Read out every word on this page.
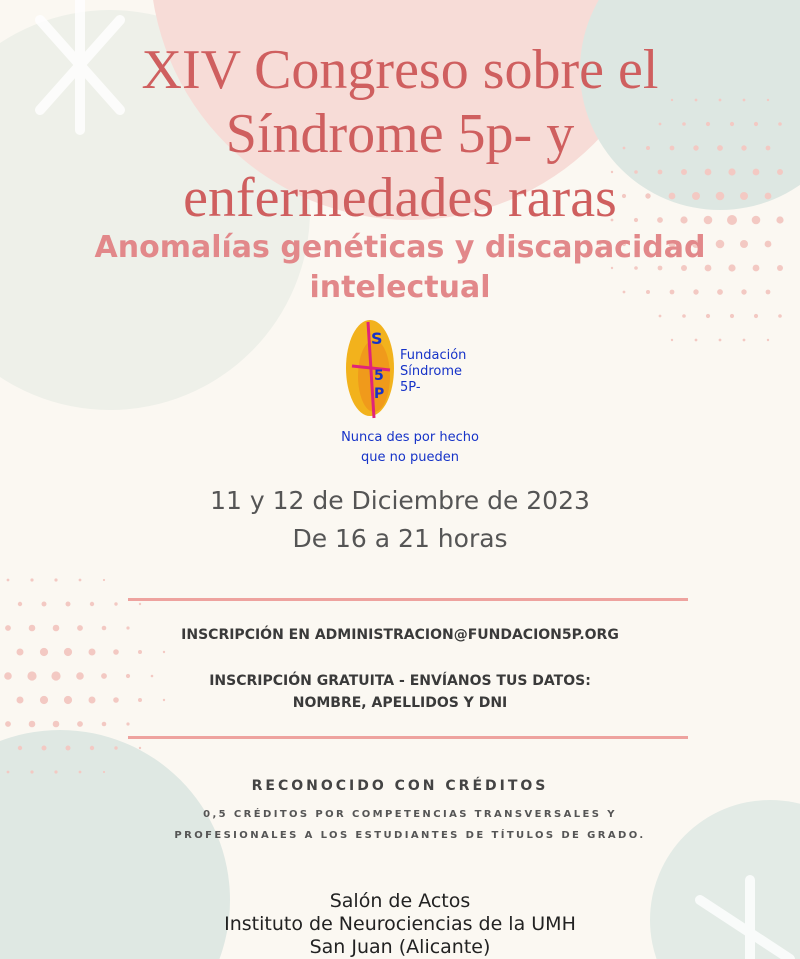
XIV Congreso sobre el
Síndrome 5p- y
enfermedades raras
Anomalías genéticas y discapacidad
intelectual
S
5
P
Fundación
Síndrome
5P-
Nunca des por hecho
que no pueden
11 y 12 de Diciembre de 2023
De 16 a 21 horas
INSCRIPCIÓN EN ADMINISTRACION@FUNDACION5P.ORG
INSCRIPCIÓN GRATUITA - ENVÍANOS TUS DATOS:
NOMBRE, APELLIDOS Y DNI
RECONOCIDO CON CRÉDITOS
0,5 CRÉDITOS POR COMPETENCIAS TRANSVERSALES Y PROFESIONALES A LOS ESTUDIANTES DE TÍTULOS DE GRADO.
Salón de Actos
Instituto de Neurociencias de la UMH
San Juan (Alicante)
